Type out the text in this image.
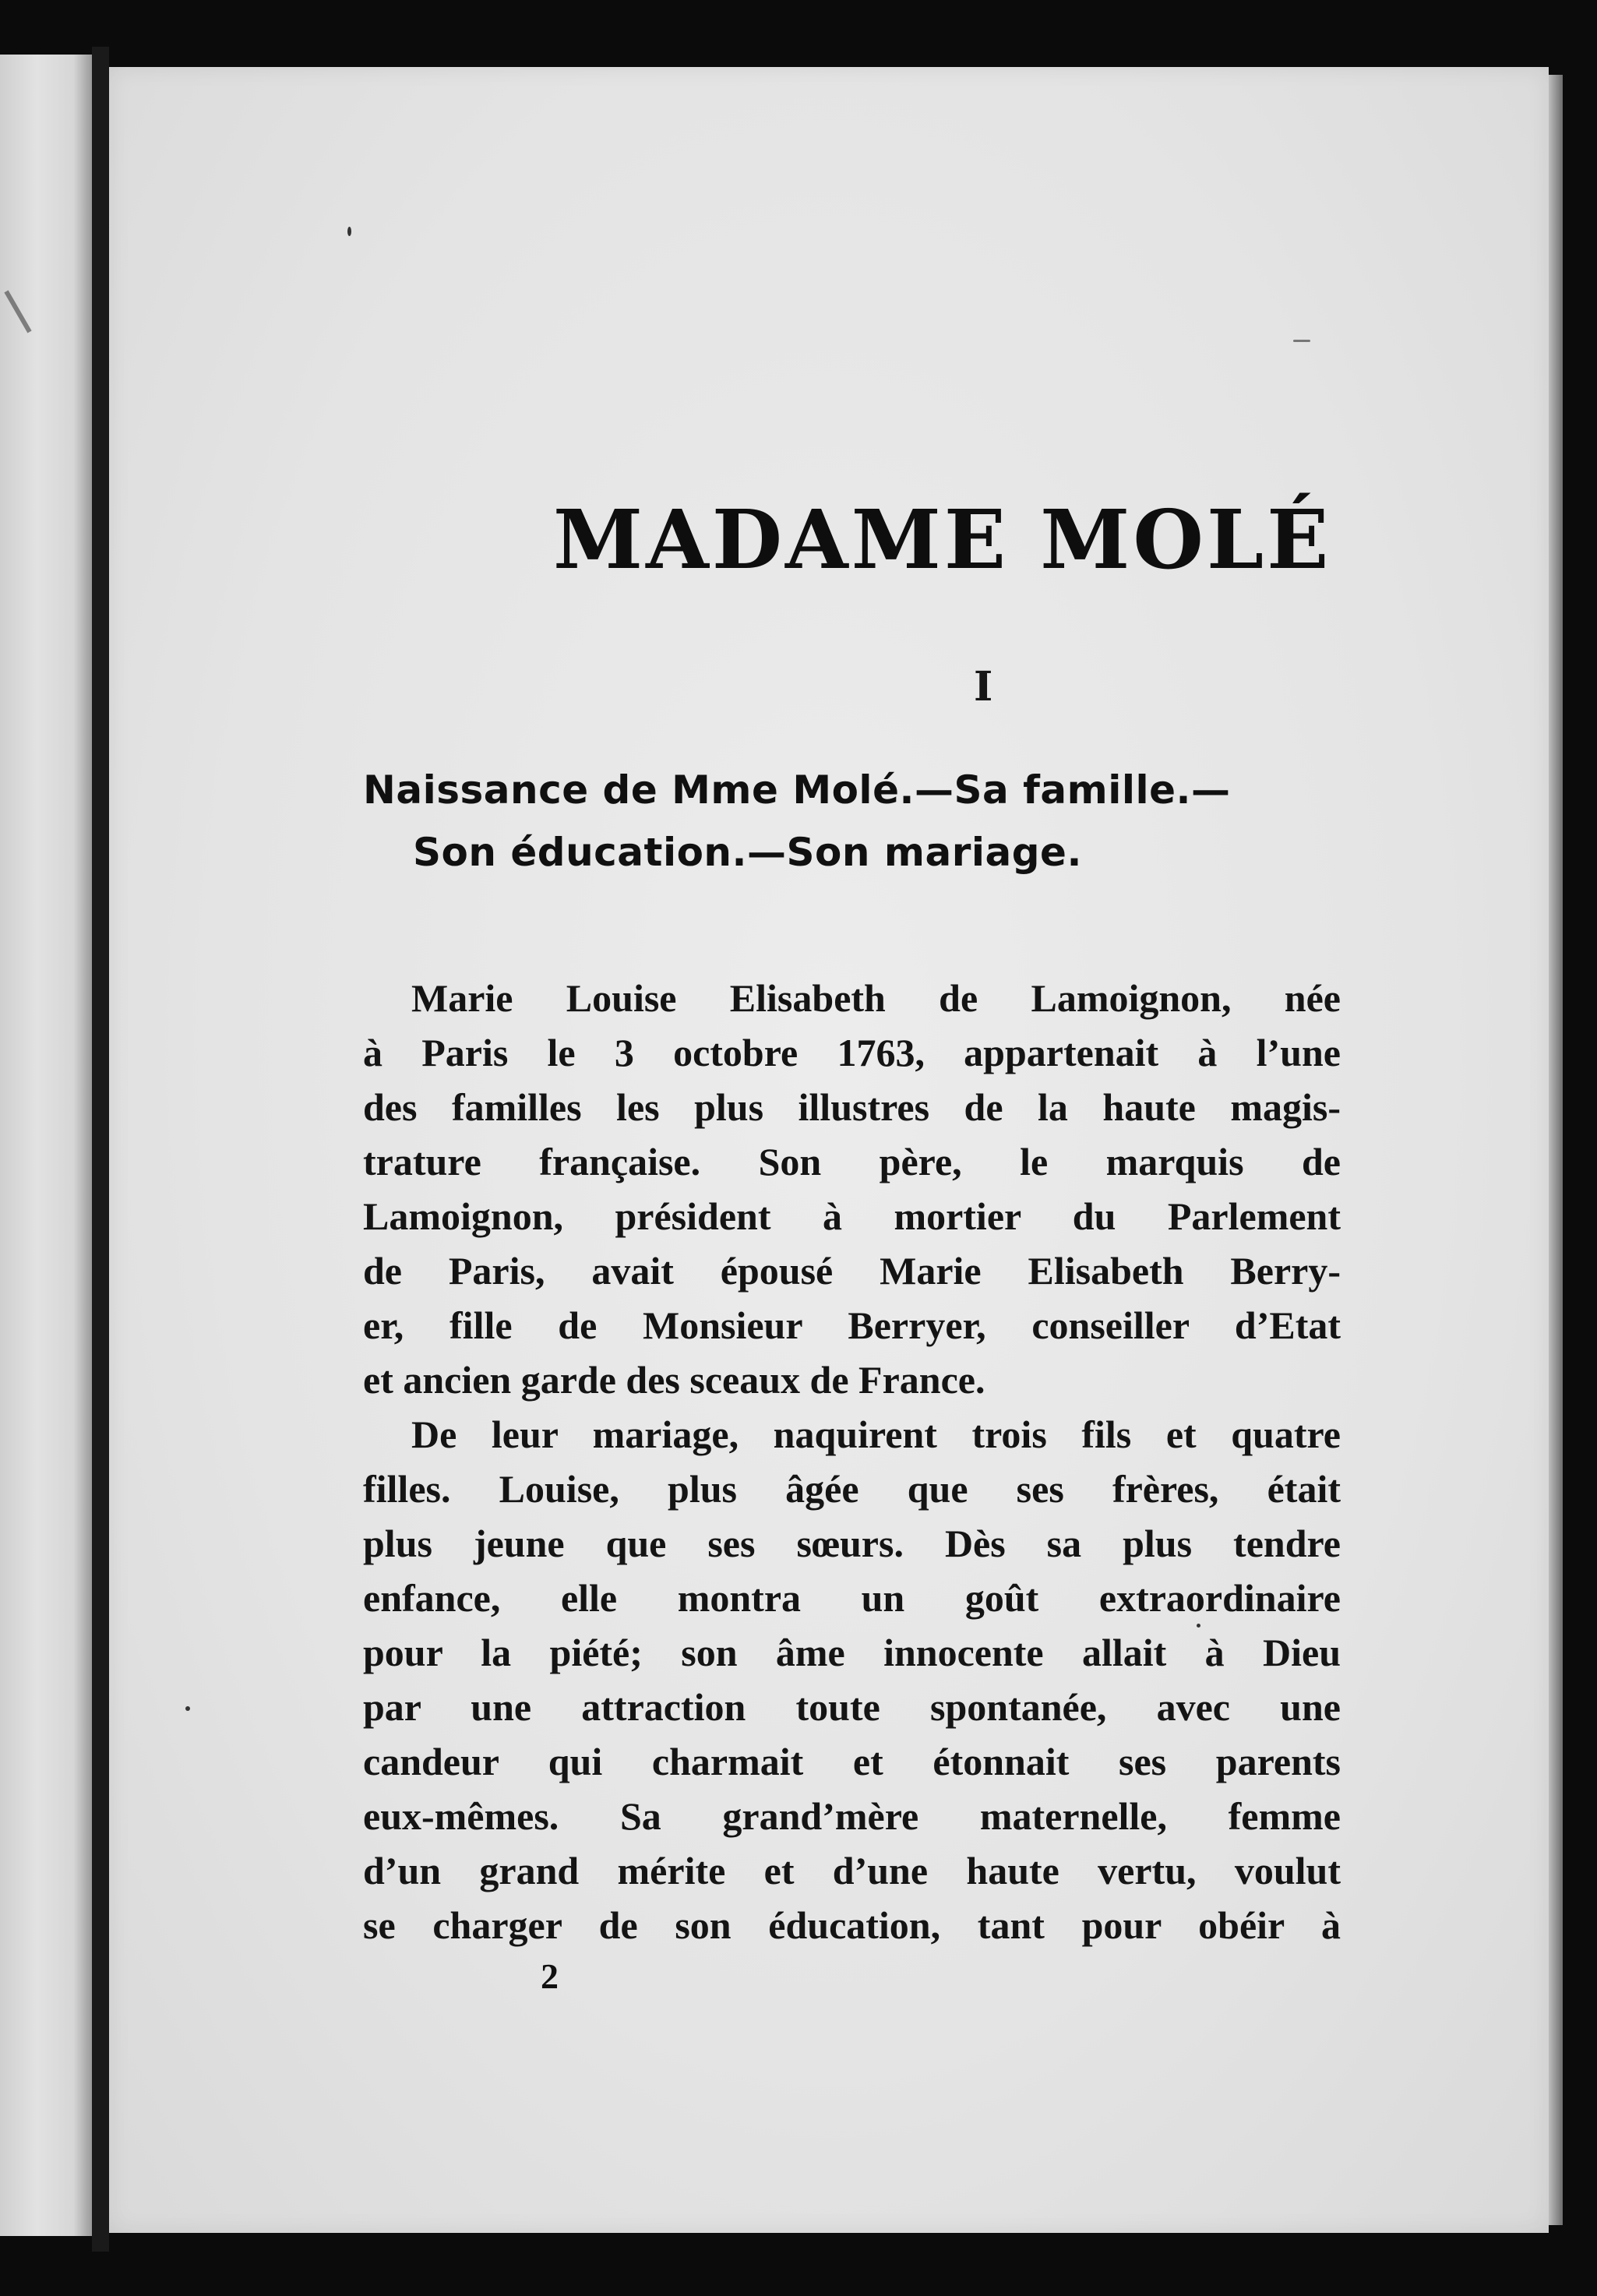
MADAME MOLÉ
I

Naissance de Mme Molé.—Sa famille.—
Son éducation.—Son mariage.

Marie Louise Elisabeth de Lamoignon, née
à Paris le 3 octobre 1763, appartenait à l’une
des familles les plus illustres de la haute magis-
trature française. Son père, le marquis de
Lamoignon, président à mortier du Parlement
de Paris, avait épousé Marie Elisabeth Berry-
er, fille de Monsieur Berryer, conseiller d’Etat
et ancien garde des sceaux de France.
De leur mariage, naquirent trois fils et quatre
filles. Louise, plus âgée que ses frères, était
plus jeune que ses sœurs. Dès sa plus tendre
enfance, elle montra un goût extraordinaire
pour la piété; son âme innocente allait à Dieu
par une attraction toute spontanée, avec une
candeur qui charmait et étonnait ses parents
eux-mêmes. Sa grand’mère maternelle, femme
d’un grand mérite et d’une haute vertu, voulut
se charger de son éducation, tant pour obéir à
2
